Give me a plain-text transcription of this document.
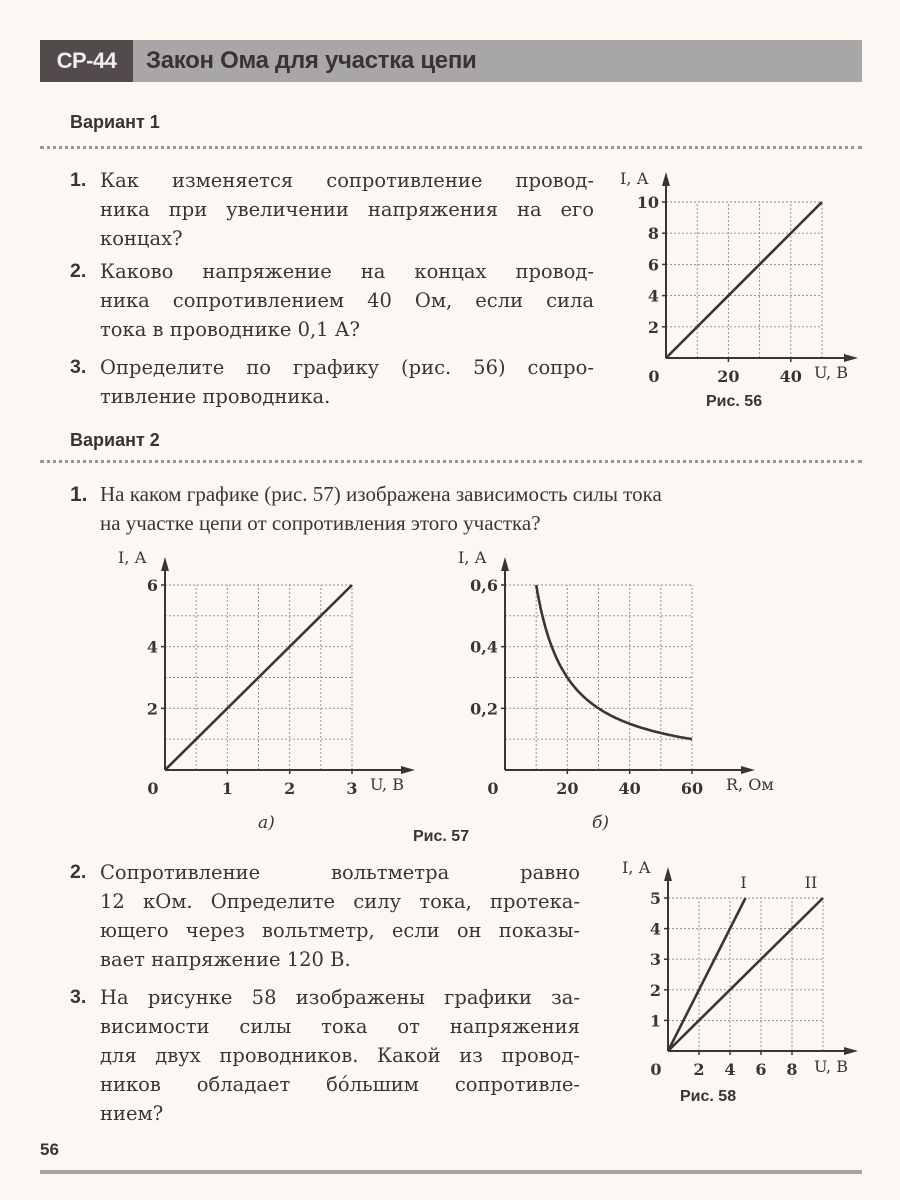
СР-44	Закон Ома для участка цепи
Вариант 1
1. Как изменяется сопротивление провод-
ника при увеличении напряжения на его
концах?
2. Каково напряжение на концах провод-
ника сопротивлением 40 Ом, если сила
тока в проводнике 0,1 А?
3. Определите по графику (рис. 56) сопро-
тивление проводника.
2
4
6
8
10
0	20	40
I, А
U, В
Рис. 56
Вариант 2
1. На каком графике (рис. 57) изображена зависимость силы тока
на участке цепи от сопротивления этого участка?
2
4
6
0	1	2	3
I, А
U, В
а)
0,2
0,4
0,6
0	20	40	60
I, А
R, Ом
б)
Рис. 57
2. Сопротивление вольтметра равно
12 кОм. Определите силу тока, протека-
ющего через вольтметр, если он показы-
вает напряжение 120 В.
3. На рисунке 58 изображены графики за-
висимости силы тока от напряжения
для двух проводников. Какой из провод-
ников обладает бóльшим сопротивле-
нием?
1
2
3
4
5
0 2 4 6 8
I	II
I, А
U, В
Рис. 58
56
